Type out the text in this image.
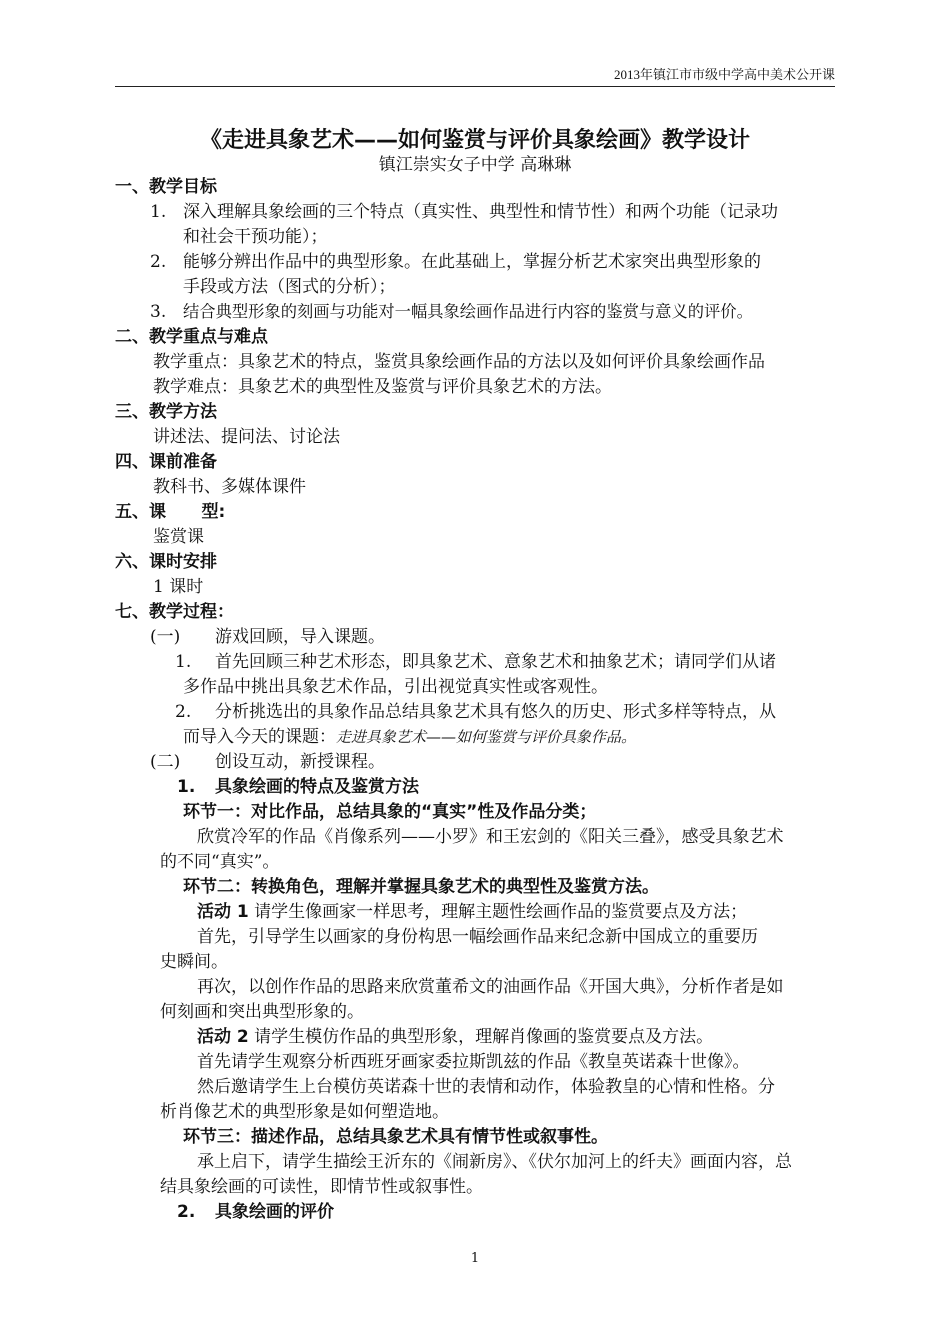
2013年镇江市市级中学高中美术公开课
《走进具象艺术——如何鉴赏与评价具象绘画》教学设计
镇江崇实女子中学 高琳琳
一、教学目标
1. 深入理解具象绘画的三个特点（真实性、典型性和情节性）和两个功能（记录功
和社会干预功能）；
2. 能够分辨出作品中的典型形象。在此基础上，掌握分析艺术家突出典型形象的
手段或方法（图式的分析）；
3. 结合典型形象的刻画与功能对一幅具象绘画作品进行内容的鉴赏与意义的评价。
二、教学重点与难点
教学重点：具象艺术的特点，鉴赏具象绘画作品的方法以及如何评价具象绘画作品
教学难点：具象艺术的典型性及鉴赏与评价具象艺术的方法。
三、教学方法
讲述法、提问法、讨论法
四、课前准备
教科书、多媒体课件
五、课      型:
鉴赏课
六、课时安排
1 课时
七、教学过程：
(一) 游戏回顾，导入课题。
1. 首先回顾三种艺术形态，即具象艺术、意象艺术和抽象艺术；请同学们从诸
多作品中挑出具象艺术作品，引出视觉真实性或客观性。
2. 分析挑选出的具象作品总结具象艺术具有悠久的历史、形式多样等特点，从
而导入今天的课题：走进具象艺术——如何鉴赏与评价具象作品。
(二) 创设互动，新授课程。
1. 具象绘画的特点及鉴赏方法
环节一：对比作品，总结具象的“真实”性及作品分类；
欣赏冷军的作品《肖像系列——小罗》和王宏剑的《阳关三叠》，感受具象艺术
的不同“真实”。
环节二：转换角色，理解并掌握具象艺术的典型性及鉴赏方法。
活动 1 请学生像画家一样思考，理解主题性绘画作品的鉴赏要点及方法；
首先，引导学生以画家的身份构思一幅绘画作品来纪念新中国成立的重要历
史瞬间。
再次，以创作作品的思路来欣赏董希文的油画作品《开国大典》，分析作者是如
何刻画和突出典型形象的。
活动 2 请学生模仿作品的典型形象，理解肖像画的鉴赏要点及方法。
首先请学生观察分析西班牙画家委拉斯凯兹的作品《教皇英诺森十世像》。
然后邀请学生上台模仿英诺森十世的表情和动作，体验教皇的心情和性格。分
析肖像艺术的典型形象是如何塑造地。
环节三：描述作品，总结具象艺术具有情节性或叙事性。
承上启下，请学生描绘王沂东的《闹新房》、《伏尔加河上的纤夫》画面内容，总
结具象绘画的可读性，即情节性或叙事性。
2. 具象绘画的评价
1
